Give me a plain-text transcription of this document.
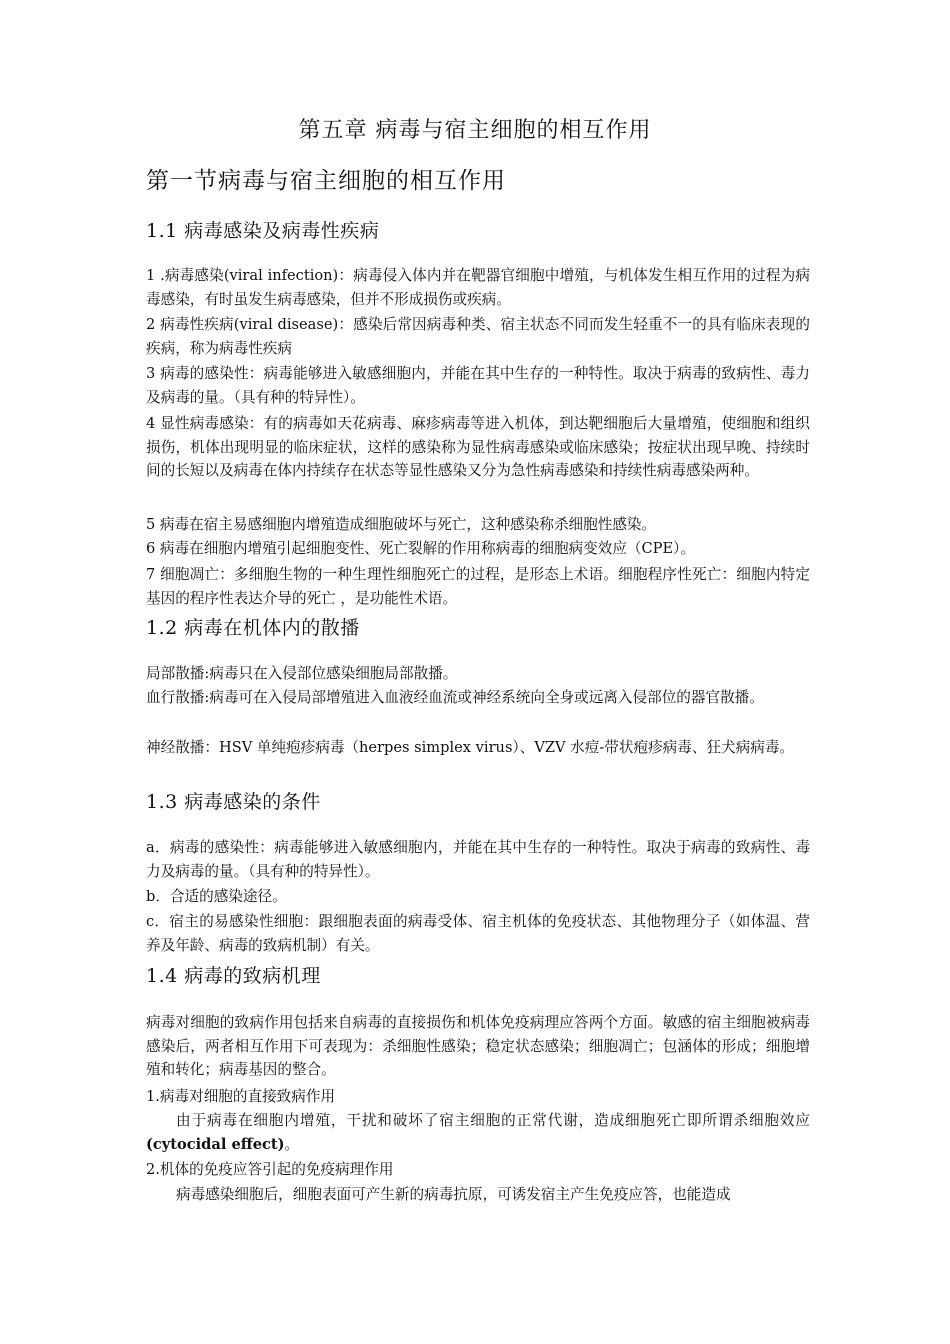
第五章 病毒与宿主细胞的相互作用
第一节病毒与宿主细胞的相互作用
1.1 病毒感染及病毒性疾病

1 .病毒感染(viral infection)：病毒侵入体内并在靶器官细胞中增殖，与机体发生相互作用的过程为病毒感染，有时虽发生病毒感染，但并不形成损伤或疾病。

2 病毒性疾病(viral disease)：感染后常因病毒种类、宿主状态不同而发生轻重不一的具有临床表现的疾病，称为病毒性疾病

3 病毒的感染性：病毒能够进入敏感细胞内，并能在其中生存的一种特性。取决于病毒的致病性、毒力及病毒的量。（具有种的特异性）。

4 显性病毒感染：有的病毒如天花病毒、麻疹病毒等进入机体，到达靶细胞后大量增殖，使细胞和组织损伤，机体出现明显的临床症状，这样的感染称为显性病毒感染或临床感染；按症状出现早晚、持续时间的长短以及病毒在体内持续存在状态等显性感染又分为急性病毒感染和持续性病毒感染两种。

5 病毒在宿主易感细胞内增殖造成细胞破坏与死亡，这种感染称杀细胞性感染。

6 病毒在细胞内增殖引起细胞变性、死亡裂解的作用称病毒的细胞病变效应（CPE）。

7 细胞凋亡：多细胞生物的一种生理性细胞死亡的过程，是形态上术语。细胞程序性死亡：细胞内特定基因的程序性表达介导的死亡 ，是功能性术语。

1.2 病毒在机体内的散播

局部散播:病毒只在入侵部位感染细胞局部散播。

血行散播:病毒可在入侵局部增殖进入血液经血流或神经系统向全身或远离入侵部位的器官散播。

神经散播：HSV 单纯疱疹病毒（herpes simplex virus）、VZV 水痘-带状疱疹病毒、狂犬病病毒。

1.3 病毒感染的条件

a．病毒的感染性：病毒能够进入敏感细胞内，并能在其中生存的一种特性。取决于病毒的致病性、毒力及病毒的量。（具有种的特异性）。

b．合适的感染途径。

c．宿主的易感染性细胞：跟细胞表面的病毒受体、宿主机体的免疫状态、其他物理分子（如体温、营养及年龄、病毒的致病机制）有关。

1.4 病毒的致病机理

病毒对细胞的致病作用包括来自病毒的直接损伤和机体免疫病理应答两个方面。敏感的宿主细胞被病毒感染后，两者相互作用下可表现为：杀细胞性感染；稳定状态感染；细胞凋亡；包涵体的形成；细胞增殖和转化；病毒基因的整合。

1.病毒对细胞的直接致病作用

由于病毒在细胞内增殖，干扰和破坏了宿主细胞的正常代谢，造成细胞死亡即所谓杀细胞效应(cytocidal effect)。

2.机体的免疫应答引起的免疫病理作用

病毒感染细胞后，细胞表面可产生新的病毒抗原，可诱发宿主产生免疫应答，也能造成
